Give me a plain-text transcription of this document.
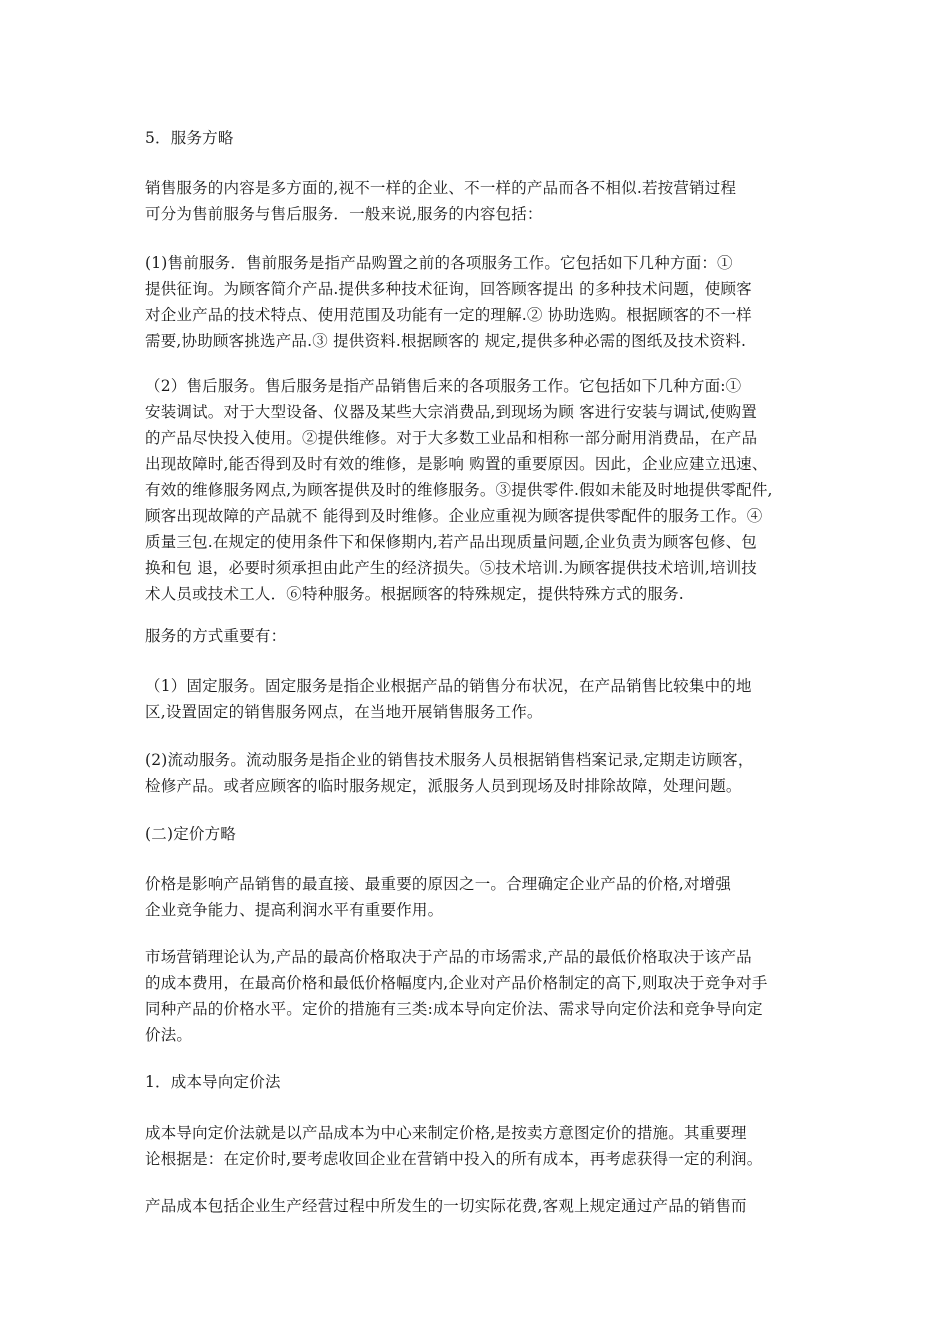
5．服务方略

销售服务的内容是多方面的,视不一样的企业、不一样的产品而各不相似.若按营销过程
可分为售前服务与售后服务．一般来说,服务的内容包括：

(1)售前服务．售前服务是指产品购置之前的各项服务工作。它包括如下几种方面：①
提供征询。为顾客简介产品.提供多种技术征询，回答顾客提出 的多种技术问题，使顾客
对企业产品的技术特点、使用范围及功能有一定的理解.② 协助选购。根据顾客的不一样
需要,协助顾客挑选产品.③ 提供资料.根据顾客的 规定,提供多种必需的图纸及技术资料.

（2）售后服务。售后服务是指产品销售后来的各项服务工作。它包括如下几种方面:①
安装调试。对于大型设备、仪器及某些大宗消费品,到现场为顾 客进行安装与调试,使购置
的产品尽快投入使用。②提供维修。对于大多数工业品和相称一部分耐用消费品，在产品
出现故障时,能否得到及时有效的维修，是影响 购置的重要原因。因此，企业应建立迅速、
有效的维修服务网点,为顾客提供及时的维修服务。③提供零件.假如未能及时地提供零配件,
顾客出现故障的产品就不 能得到及时维修。企业应重视为顾客提供零配件的服务工作。④
质量三包.在规定的使用条件下和保修期内,若产品出现质量问题,企业负责为顾客包修、包
换和包 退，必要时须承担由此产生的经济损失。⑤技术培训.为顾客提供技术培训,培训技
术人员或技术工人．⑥特种服务。根据顾客的特殊规定，提供特殊方式的服务.

服务的方式重要有：

（1）固定服务。固定服务是指企业根据产品的销售分布状况，在产品销售比较集中的地
区,设置固定的销售服务网点，在当地开展销售服务工作。

(2)流动服务。流动服务是指企业的销售技术服务人员根据销售档案记录,定期走访顾客，
检修产品。或者应顾客的临时服务规定，派服务人员到现场及时排除故障，处理问题。

(二)定价方略

价格是影响产品销售的最直接、最重要的原因之一。合理确定企业产品的价格,对增强
企业竞争能力、提高利润水平有重要作用。

市场营销理论认为,产品的最高价格取决于产品的市场需求,产品的最低价格取决于该产品
的成本费用，在最高价格和最低价格幅度内,企业对产品价格制定的高下,则取决于竞争对手
同种产品的价格水平。定价的措施有三类:成本导向定价法、需求导向定价法和竞争导向定
价法。

1．成本导向定价法

成本导向定价法就是以产品成本为中心来制定价格,是按卖方意图定价的措施。其重要理
论根据是：在定价时,要考虑收回企业在营销中投入的所有成本，再考虑获得一定的利润。

产品成本包括企业生产经营过程中所发生的一切实际花费,客观上规定通过产品的销售而
